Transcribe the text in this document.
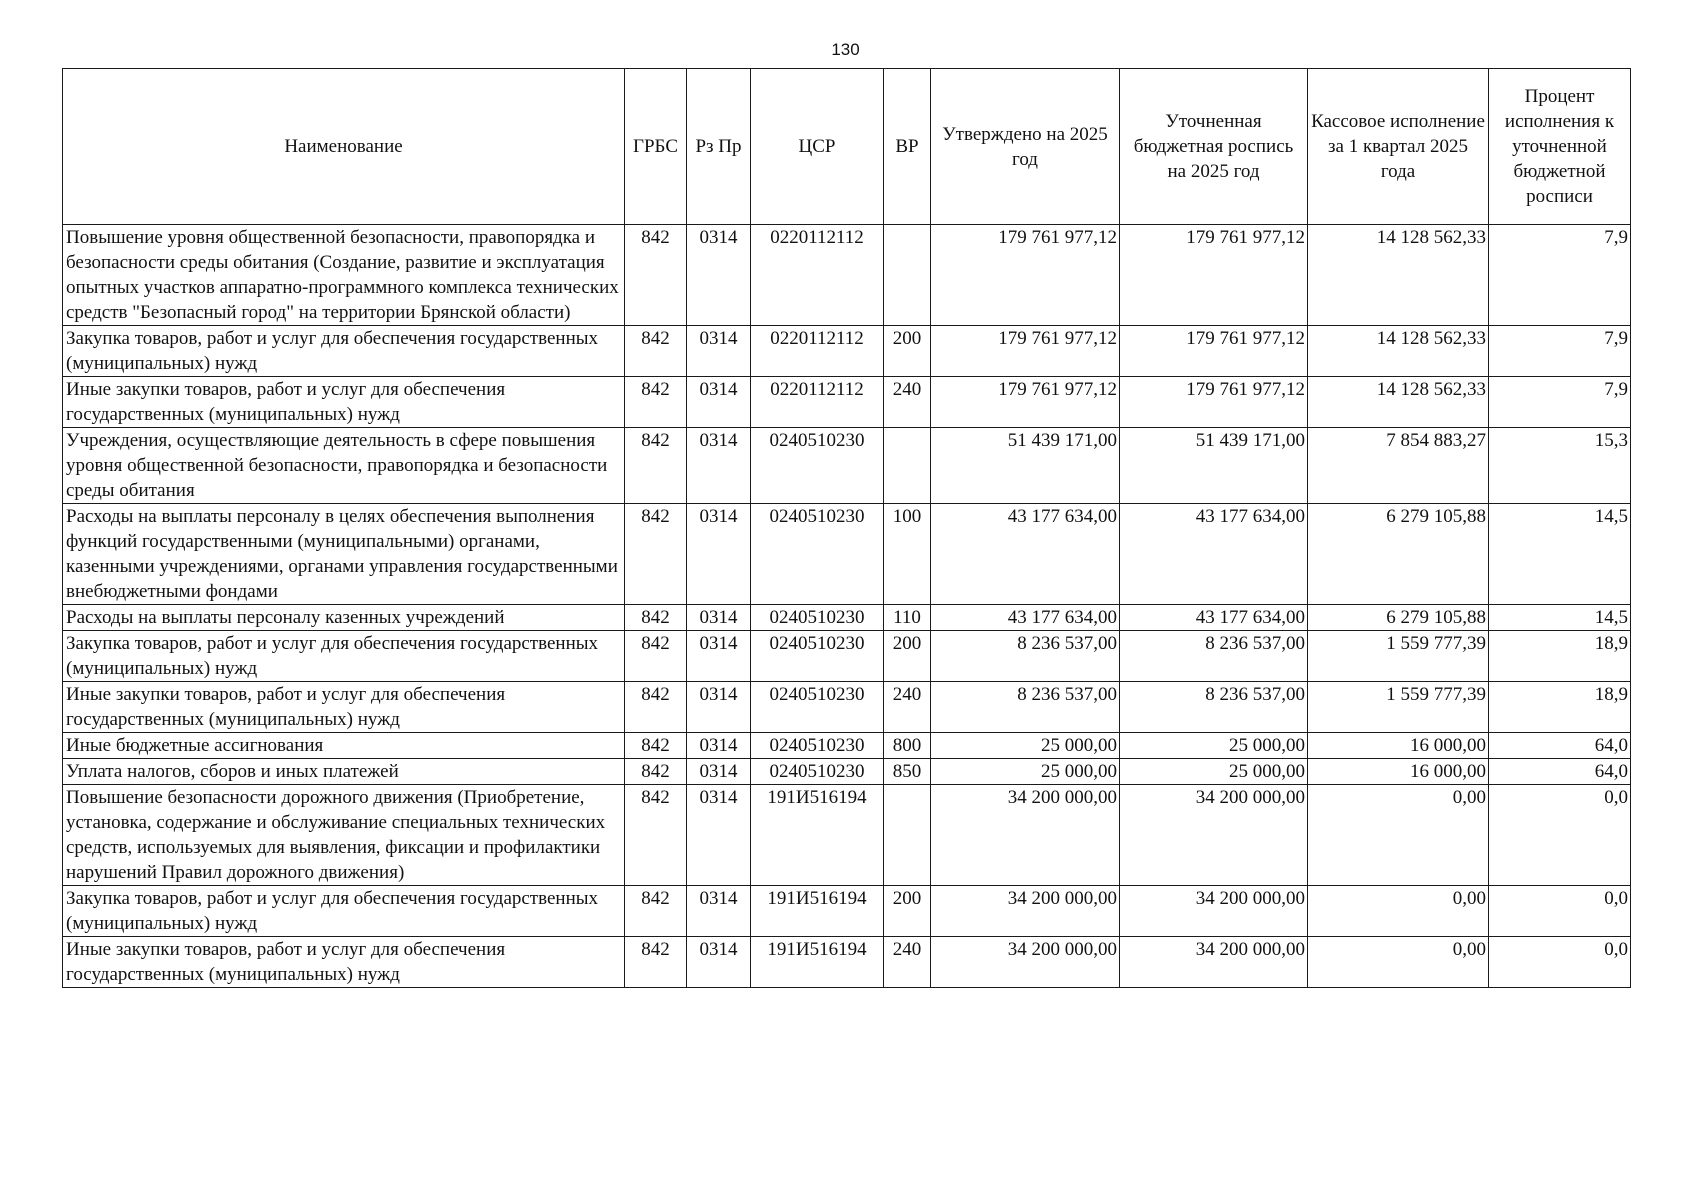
130
Наименование	ГРБС	Рз Пр	ЦСР	ВР	Утверждено на 2025 год	Уточненная бюджетная роспись на 2025 год	Кассовое исполнение за 1 квартал 2025 года	Процент исполнения к уточненной бюджетной росписи
Повышение уровня общественной безопасности, правопорядка и безопасности среды обитания (Создание, развитие и эксплуатация опытных участков аппаратно-программного комплекса технических средств "Безопасный город" на территории Брянской области)	842	0314	0220112112		179 761 977,12	179 761 977,12	14 128 562,33	7,9
Закупка товаров, работ и услуг для обеспечения государственных (муниципальных) нужд	842	0314	0220112112	200	179 761 977,12	179 761 977,12	14 128 562,33	7,9
Иные закупки товаров, работ и услуг для обеспечения государственных (муниципальных) нужд	842	0314	0220112112	240	179 761 977,12	179 761 977,12	14 128 562,33	7,9
Учреждения, осуществляющие деятельность в сфере повышения уровня общественной безопасности, правопорядка и безопасности среды обитания	842	0314	0240510230		51 439 171,00	51 439 171,00	7 854 883,27	15,3
Расходы на выплаты персоналу в целях обеспечения выполнения функций государственными (муниципальными) органами, казенными учреждениями, органами управления государственными внебюджетными фондами	842	0314	0240510230	100	43 177 634,00	43 177 634,00	6 279 105,88	14,5
Расходы на выплаты персоналу казенных учреждений	842	0314	0240510230	110	43 177 634,00	43 177 634,00	6 279 105,88	14,5
Закупка товаров, работ и услуг для обеспечения государственных (муниципальных) нужд	842	0314	0240510230	200	8 236 537,00	8 236 537,00	1 559 777,39	18,9
Иные закупки товаров, работ и услуг для обеспечения государственных (муниципальных) нужд	842	0314	0240510230	240	8 236 537,00	8 236 537,00	1 559 777,39	18,9
Иные бюджетные ассигнования	842	0314	0240510230	800	25 000,00	25 000,00	16 000,00	64,0
Уплата налогов, сборов и иных платежей	842	0314	0240510230	850	25 000,00	25 000,00	16 000,00	64,0
Повышение безопасности дорожного движения (Приобретение, установка, содержание и обслуживание специальных технических средств, используемых для выявления, фиксации и профилактики нарушений Правил дорожного движения)	842	0314	191И516194		34 200 000,00	34 200 000,00	0,00	0,0
Закупка товаров, работ и услуг для обеспечения государственных (муниципальных) нужд	842	0314	191И516194	200	34 200 000,00	34 200 000,00	0,00	0,0
Иные закупки товаров, работ и услуг для обеспечения государственных (муниципальных) нужд	842	0314	191И516194	240	34 200 000,00	34 200 000,00	0,00	0,0
